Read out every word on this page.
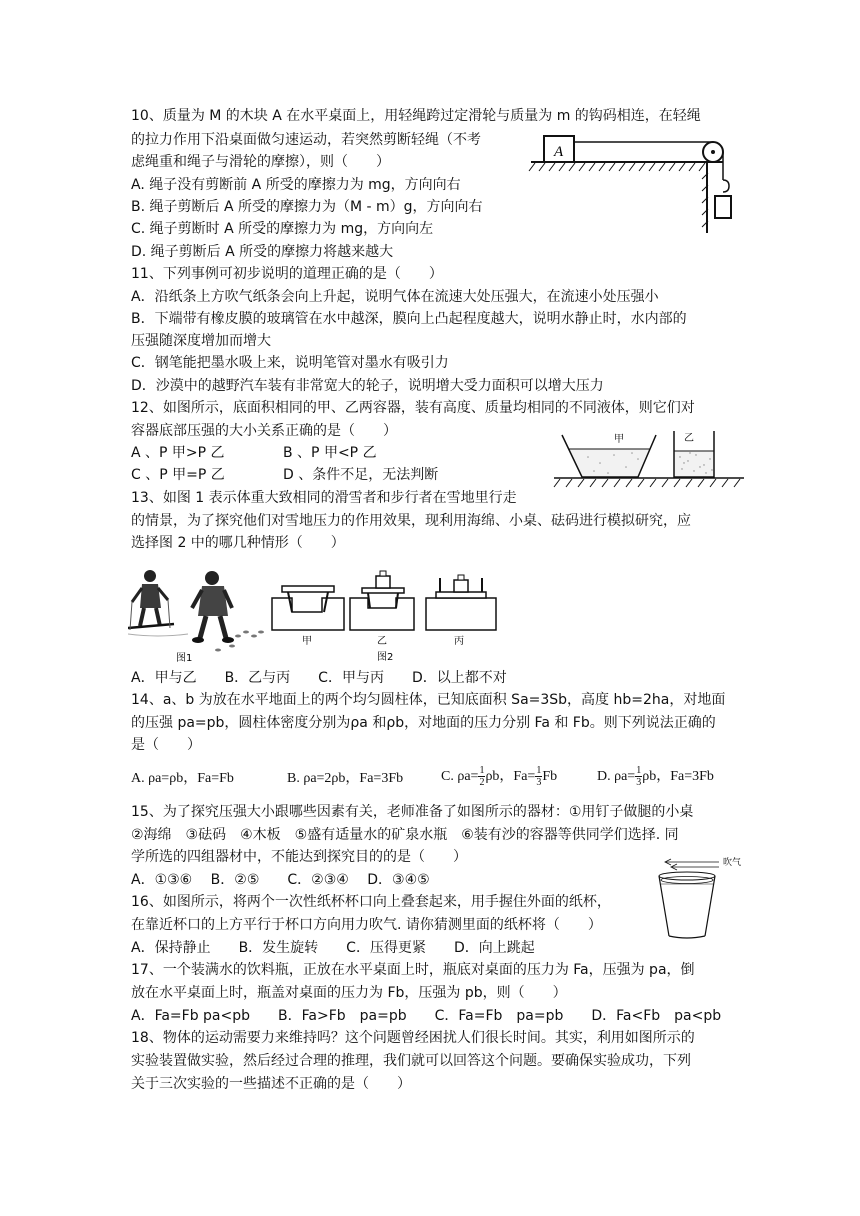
10、质量为 M 的木块 A 在水平桌面上，用轻绳跨过定滑轮与质量为 m 的钩码相连，在轻绳
的拉力作用下沿桌面做匀速运动，若突然剪断轻绳（不考
虑绳重和绳子与滑轮的摩擦），则（　　）
A. 绳子没有剪断前 A 所受的摩擦力为 mg，方向向右
B. 绳子剪断后 A 所受的摩擦力为（M - m）g，方向向右
C. 绳子剪断时 A 所受的摩擦力为 mg，方向向左
D. 绳子剪断后 A 所受的摩擦力将越来越大
A
11、下列事例可初步说明的道理正确的是（　　）
A．沿纸条上方吹气纸条会向上升起，说明气体在流速大处压强大，在流速小处压强小
B．下端带有橡皮膜的玻璃管在水中越深，膜向上凸起程度越大，说明水静止时，水内部的
压强随深度增加而增大
C．钢笔能把墨水吸上来，说明笔管对墨水有吸引力
D．沙漠中的越野汽车装有非常宽大的轮子，说明增大受力面积可以增大压力
12、如图所示，底面积相同的甲、乙两容器，装有高度、质量均相同的不同液体，则它们对
容器底部压强的大小关系正确的是（　　）
A 、P 甲>P 乙	B 、P 甲<P 乙
C 、P 甲=P 乙	D 、条件不足，无法判断
甲	乙
13、如图 1 表示体重大致相同的滑雪者和步行者在雪地里行走
的情景，为了探究他们对雪地压力的作用效果，现利用海绵、小桌、砝码进行模拟研究，应
选择图 2 中的哪几种情形（　　）
图1
甲	乙	丙
图2
A．甲与乙　　B．乙与丙　　C．甲与丙　　D．以上都不对
14、a、b 为放在水平地面上的两个均匀圆柱体，已知底面积 Sa=3Sb，高度 hb=2ha，对地面
的压强 pa=pb，圆柱体密度分别为ρa 和ρb，对地面的压力分别 Fa 和 Fb。则下列说法正确的
是（　　）
A. ρa=ρb，Fa=Fb	B. ρa=2ρb，Fa=3Fb	C. $\rho a= \frac{1}{2}$ ρb，$Fa= \frac{1}{3}$ Fb	D. $\rho a= \frac{1}{3}$ ρb，Fa=3Fb
15、为了探究压强大小跟哪些因素有关，老师准备了如图所示的器材：①用钉子做腿的小桌
②海绵　③砝码　④木板　⑤盛有适量水的矿泉水瓶　⑥装有沙的容器等供同学们选择. 同
学所选的四组器材中，不能达到探究目的的是（　　）
A．①③⑥　 B．②⑤　　C．②③④　 D．③④⑤
16、如图所示，将两个一次性纸杯杯口向上叠套起来，用手握住外面的纸杯，
在靠近杯口的上方平行于杯口方向用力吹气. 请你猜测里面的纸杯将（　　）
A．保持静止　　B．发生旋转　　C．压得更紧　　D．向上跳起
吹气
17、一个装满水的饮料瓶，正放在水平桌面上时，瓶底对桌面的压力为 Fa，压强为 pa，倒
放在水平桌面上时，瓶盖对桌面的压力为 Fb，压强为 pb，则（　　）
A．Fa=Fb pa<pb　　B．Fa>Fb　pa=pb　　C．Fa=Fb　pa=pb　　D．Fa<Fb　pa<pb
18、物体的运动需要力来维持吗？这个问题曾经困扰人们很长时间。其实，利用如图所示的
实验装置做实验，然后经过合理的推理，我们就可以回答这个问题。要确保实验成功，下列
关于三次实验的一些描述不正确的是（　　）
